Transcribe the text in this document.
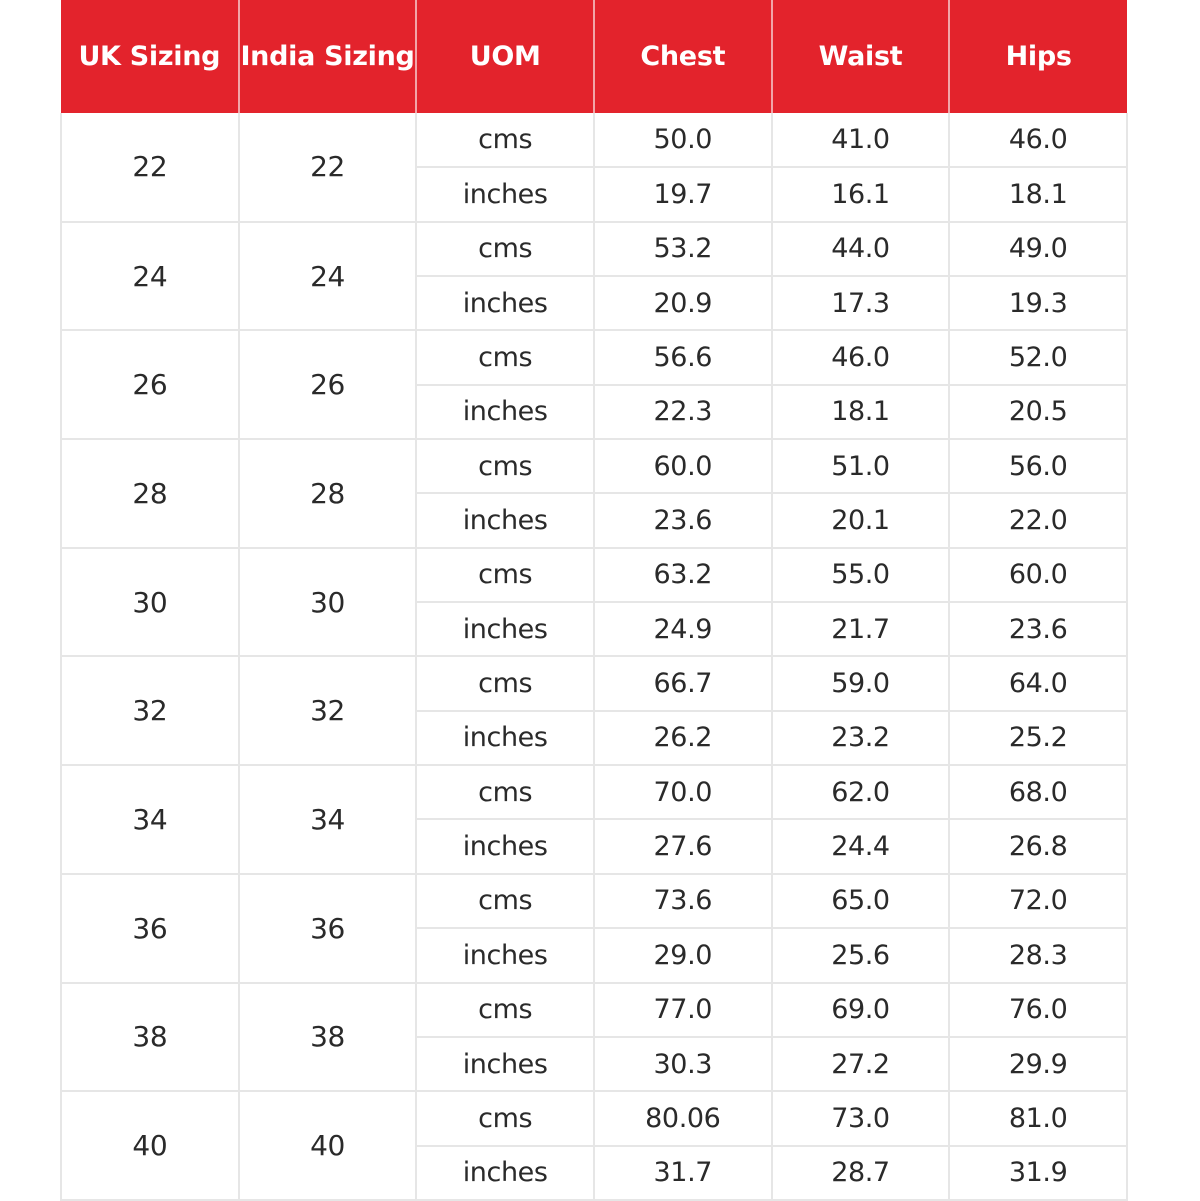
UK Sizing	India Sizing	UOM	Chest	Waist	Hips
22	22	cms	50.0	41.0	46.0
		inches	19.7	16.1	18.1
24	24	cms	53.2	44.0	49.0
		inches	20.9	17.3	19.3
26	26	cms	56.6	46.0	52.0
		inches	22.3	18.1	20.5
28	28	cms	60.0	51.0	56.0
		inches	23.6	20.1	22.0
30	30	cms	63.2	55.0	60.0
		inches	24.9	21.7	23.6
32	32	cms	66.7	59.0	64.0
		inches	26.2	23.2	25.2
34	34	cms	70.0	62.0	68.0
		inches	27.6	24.4	26.8
36	36	cms	73.6	65.0	72.0
		inches	29.0	25.6	28.3
38	38	cms	77.0	69.0	76.0
		inches	30.3	27.2	29.9
40	40	cms	80.06	73.0	81.0
		inches	31.7	28.7	31.9
